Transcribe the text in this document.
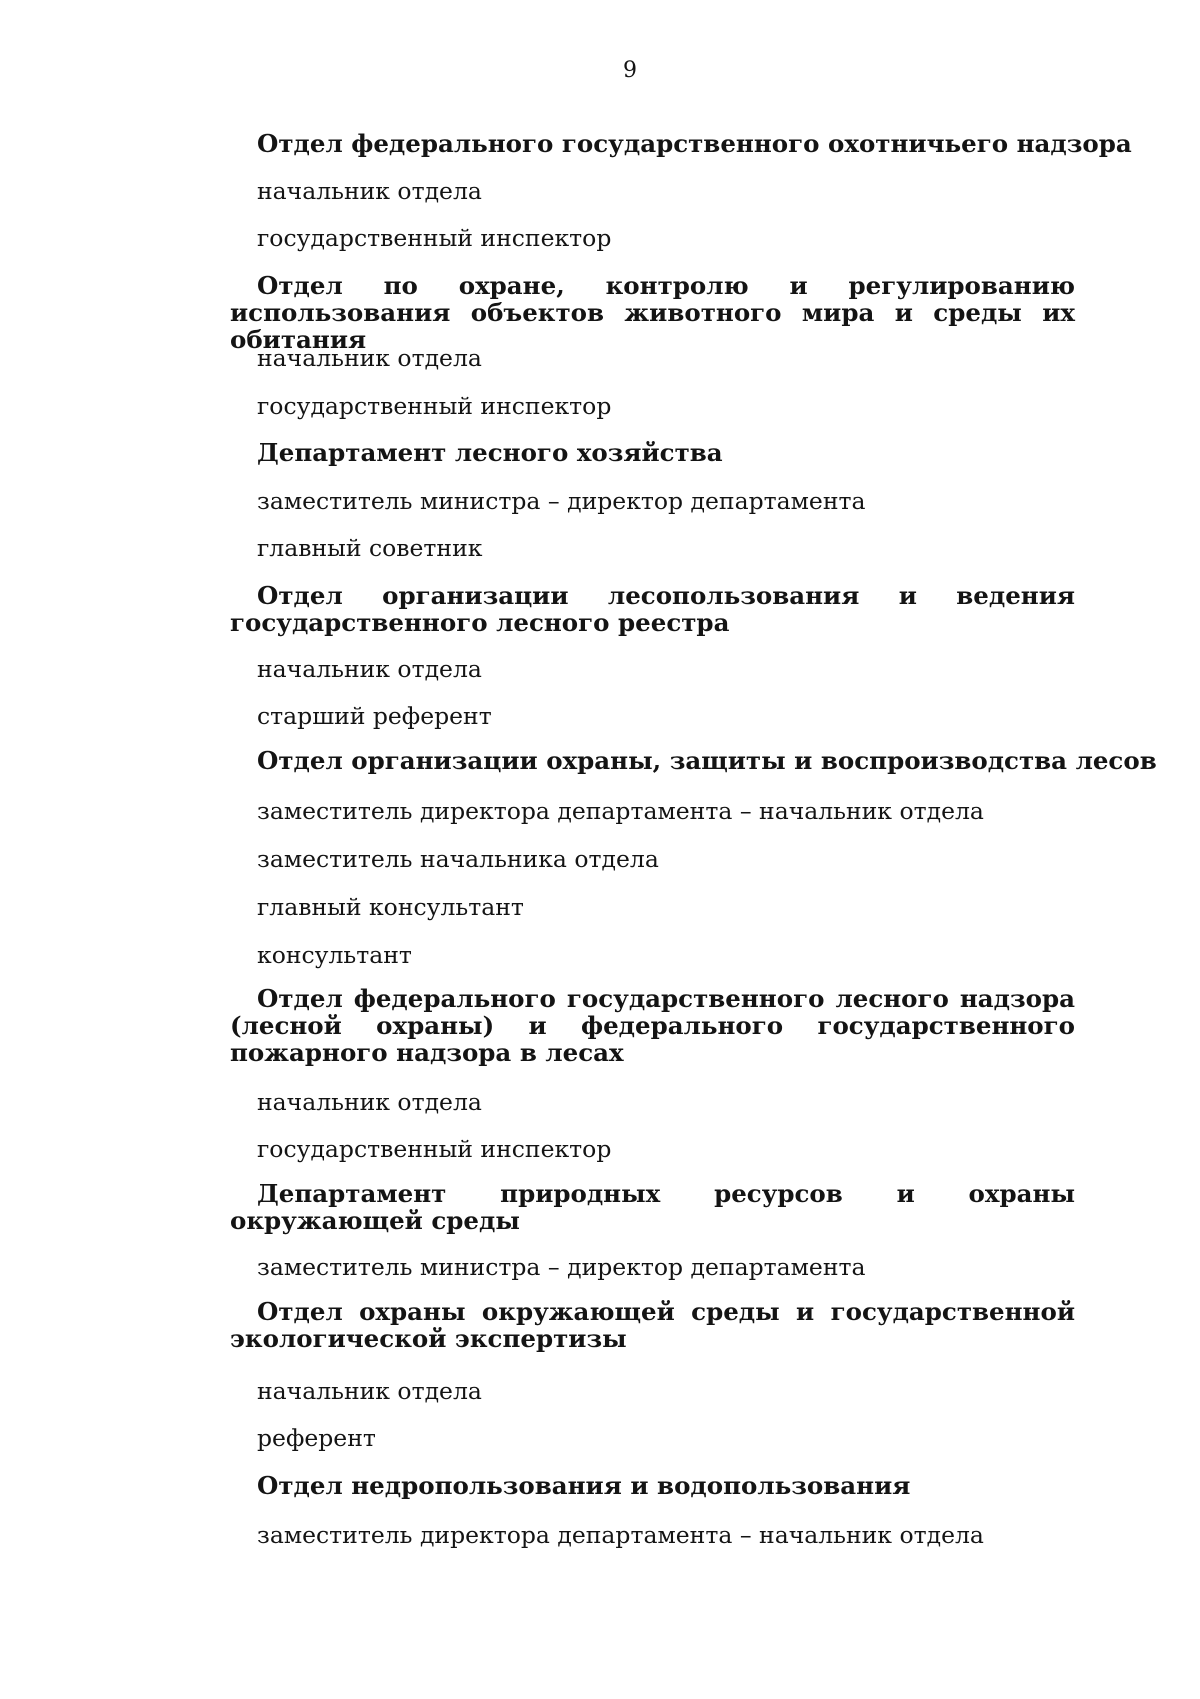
9
Отдел федерального государственного охотничьего надзора
начальник отдела
государственный инспектор
Отдел по охране, контролю и регулированию использования объектов животного мира и среды их обитания
начальник отдела
государственный инспектор
Департамент лесного хозяйства
заместитель министра – директор департамента
главный советник
Отдел организации лесопользования и ведения государственного лесного реестра
начальник отдела
старший референт
Отдел организации охраны, защиты и воспроизводства лесов
заместитель директора департамента – начальник отдела
заместитель начальника отдела
главный консультант
консультант
Отдел федерального государственного лесного надзора (лесной охраны) и федерального государственного пожарного надзора в лесах
начальник отдела
государственный инспектор
Департамент природных ресурсов и охраны окружающей среды
заместитель министра – директор департамента
Отдел охраны окружающей среды и государственной экологической экспертизы
начальник отдела
референт
Отдел недропользования и водопользования
заместитель директора департамента – начальник отдела
